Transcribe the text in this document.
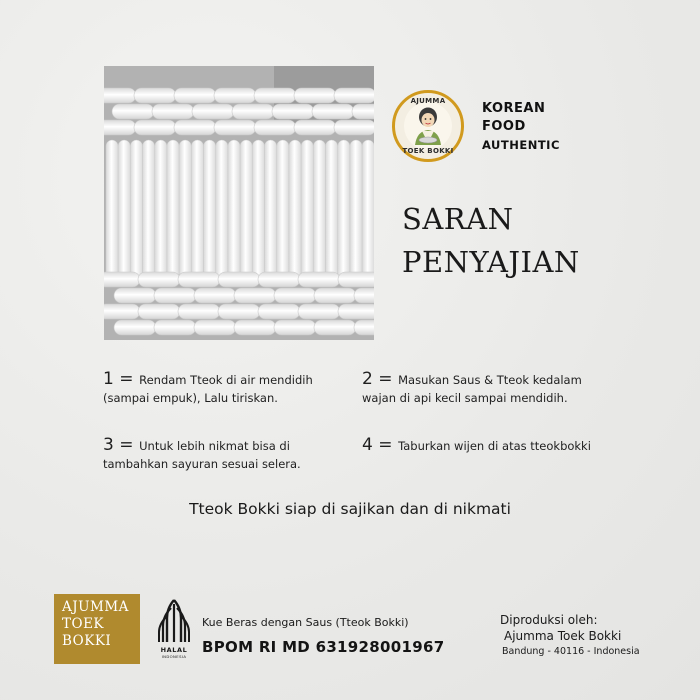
AJUMMA
TOEK BOKKI
KOREAN
FOOD
AUTHENTIC
SARAN
PENYAJIAN
1 = Rendam Tteok di air mendidih (sampai empuk), Lalu tiriskan.
2 = Masukan Saus & Tteok kedalam wajan di api kecil sampai mendidih.
3 = Untuk lebih nikmat bisa di tambahkan sayuran sesuai selera.
4 = Taburkan wijen di atas tteokbokki
Tteok Bokki siap di sajikan dan di nikmati
AJUMMA
TOEK
BOKKI
HALAL
INDONESIA
Kue Beras dengan Saus (Tteok Bokki)
BPOM RI MD 631928001967
Diproduksi oleh:
Ajumma Toek Bokki
Bandung - 40116 - Indonesia
